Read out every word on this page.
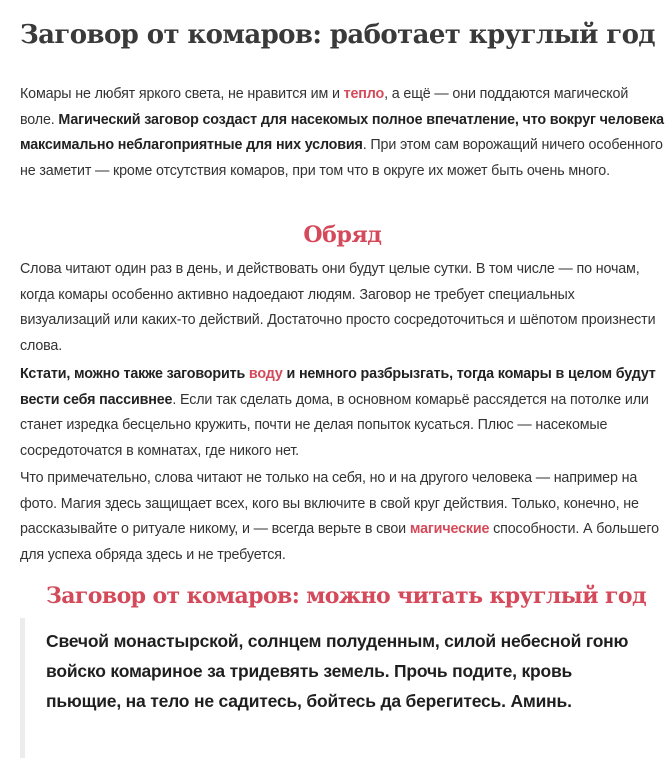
Заговор от комаров: работает круглый год

Комары не любят яркого света, не нравится им и тепло, а ещё — они поддаются магической воле. Магический заговор создаст для насекомых полное впечатление, что вокруг человека максимально неблагоприятные для них условия. При этом сам ворожащий ничего особенного не заметит — кроме отсутствия комаров, при том что в округе их может быть очень много.

Обряд

Слова читают один раз в день, и действовать они будут целые сутки. В том числе — по ночам, когда комары особенно активно надоедают людям. Заговор не требует специальных визуализаций или каких-то действий. Достаточно просто сосредоточиться и шёпотом произнести слова.

Кстати, можно также заговорить воду и немного разбрызгать, тогда комары в целом будут вести себя пассивнее. Если так сделать дома, в основном комарьё рассядется на потолке или станет изредка бесцельно кружить, почти не делая попыток кусаться. Плюс — насекомые сосредоточатся в комнатах, где никого нет.

Что примечательно, слова читают не только на себя, но и на другого человека — например на фото. Магия здесь защищает всех, кого вы включите в свой круг действия. Только, конечно, не рассказывайте о ритуале никому, и — всегда верьте в свои магические способности. А большего для успеха обряда здесь и не требуется.

Заговор от комаров: можно читать круглый год

Свечой монастырской, солнцем полуденным, силой небесной гоню войско комариное за тридевять земель. Прочь подите, кровь пьющие, на тело не садитесь, бойтесь да берегитесь. Аминь.
